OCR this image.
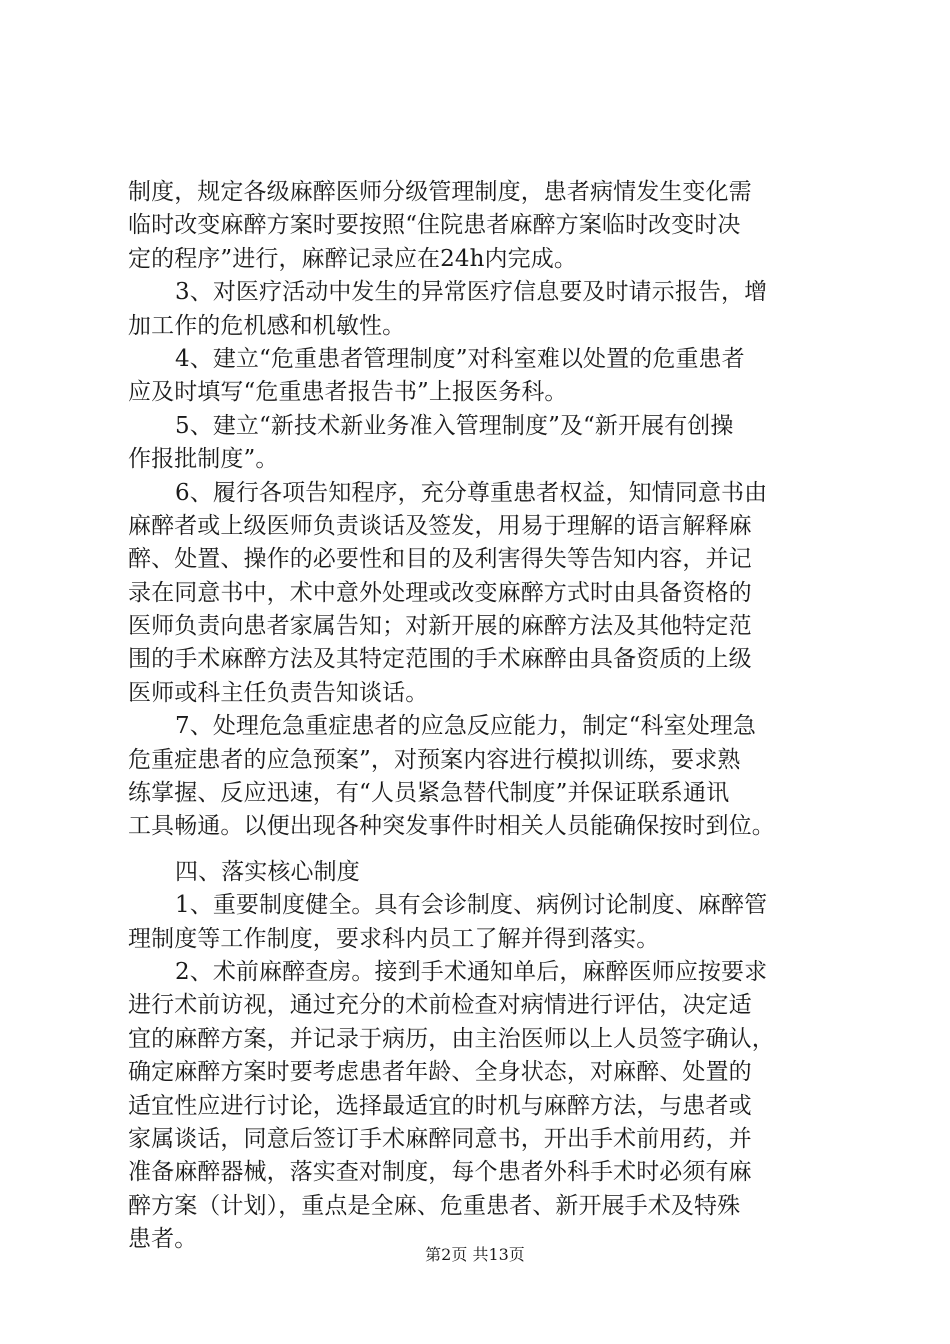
制度，规定各级麻醉医师分级管理制度，患者病情发生变化需
临时改变麻醉方案时要按照“住院患者麻醉方案临时改变时决
定的程序”进行，麻醉记录应在24h内完成。
3、对医疗活动中发生的异常医疗信息要及时请示报告，增
加工作的危机感和机敏性。
4、建立“危重患者管理制度”对科室难以处置的危重患者
应及时填写“危重患者报告书”上报医务科。
5、建立“新技术新业务准入管理制度”及“新开展有创操
作报批制度”。
6、履行各项告知程序，充分尊重患者权益，知情同意书由
麻醉者或上级医师负责谈话及签发，用易于理解的语言解释麻
醉、处置、操作的必要性和目的及利害得失等告知内容，并记
录在同意书中，术中意外处理或改变麻醉方式时由具备资格的
医师负责向患者家属告知；对新开展的麻醉方法及其他特定范
围的手术麻醉方法及其特定范围的手术麻醉由具备资质的上级
医师或科主任负责告知谈话。
7、处理危急重症患者的应急反应能力，制定“科室处理急
危重症患者的应急预案”，对预案内容进行模拟训练，要求熟
练掌握、反应迅速，有“人员紧急替代制度”并保证联系通讯
工具畅通。以便出现各种突发事件时相关人员能确保按时到位。
四、落实核心制度
1、重要制度健全。具有会诊制度、病例讨论制度、麻醉管
理制度等工作制度，要求科内员工了解并得到落实。
2、术前麻醉查房。接到手术通知单后，麻醉医师应按要求
进行术前访视，通过充分的术前检查对病情进行评估，决定适
宜的麻醉方案，并记录于病历，由主治医师以上人员签字确认，
确定麻醉方案时要考虑患者年龄、全身状态，对麻醉、处置的
适宜性应进行讨论，选择最适宜的时机与麻醉方法，与患者或
家属谈话，同意后签订手术麻醉同意书，开出手术前用药，并
准备麻醉器械，落实查对制度，每个患者外科手术时必须有麻
醉方案（计划），重点是全麻、危重患者、新开展手术及特殊
患者。
第2页 共13页
